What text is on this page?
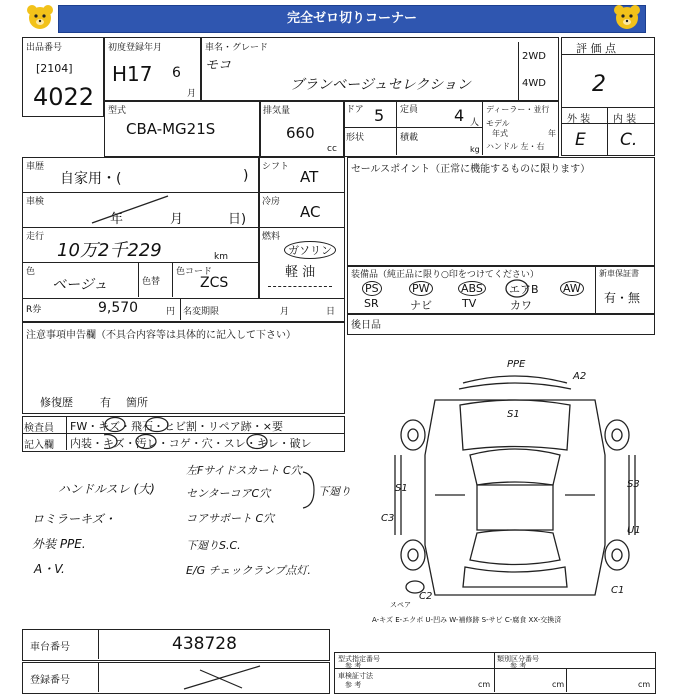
完全ゼロ切りコーナー
出品番号
[2104]
4022
初度登録年月
H17 6
月
車名・グレード
モコ
ブランベージュセレクション
2WD
4WD
評 価 点
2
外 装 内 装
E C.
型式
CBA-MG21S
排気量
660
cc
ドア 5 定員 4 人
形状	積載
kg
ディーラー・並行
モデル
年式	年
ハンドル 左・右
車歴
自家用・(	)
車検
年	月	日)
走行
10万2千229	km
色
ベージュ	色替
色コード
ZCS
シフト
AT
冷房
AC
燃料
ガソリン
軽 油
R券	9,570	円 名変期限	月	日
セールスポイント（正常に機能するものに限ります）
装備品（純正品に限り○印をつけてください）
PS	PW	ABS エアB AW
SR	ナビ	TV	カワ
新車保証書
有・無
後日品
注意事項申告欄（不具合内容等は具体的に記入して下さい）
修復歴 有 箇所
検査員 FW・キズ・飛石・ヒビ割・リペア跡・×要
記入欄 内装・キズ・汚レ・コゲ・穴・スレ・キレ・破レ
ハンドルスレ (大)
ロミラーキズ・
外装 PPE.
A・V.
左Fサイドスカート C穴
センターコアC穴
コアサポート C穴
下廻りS.C.
E/G チェックランプ点灯.
下廻り
PPE
A2
S1
S1	S3
C3
U1
C1
C2
スペア
A-キズ E-エクボ U-凹み W-補修跡 S-サビ C-腐食 XX-交換済
車台番号	438728
登録番号
型式指定番号
参 考
類別区分番号
参 考
車検証寸法
参 考	cm	cm	cm
